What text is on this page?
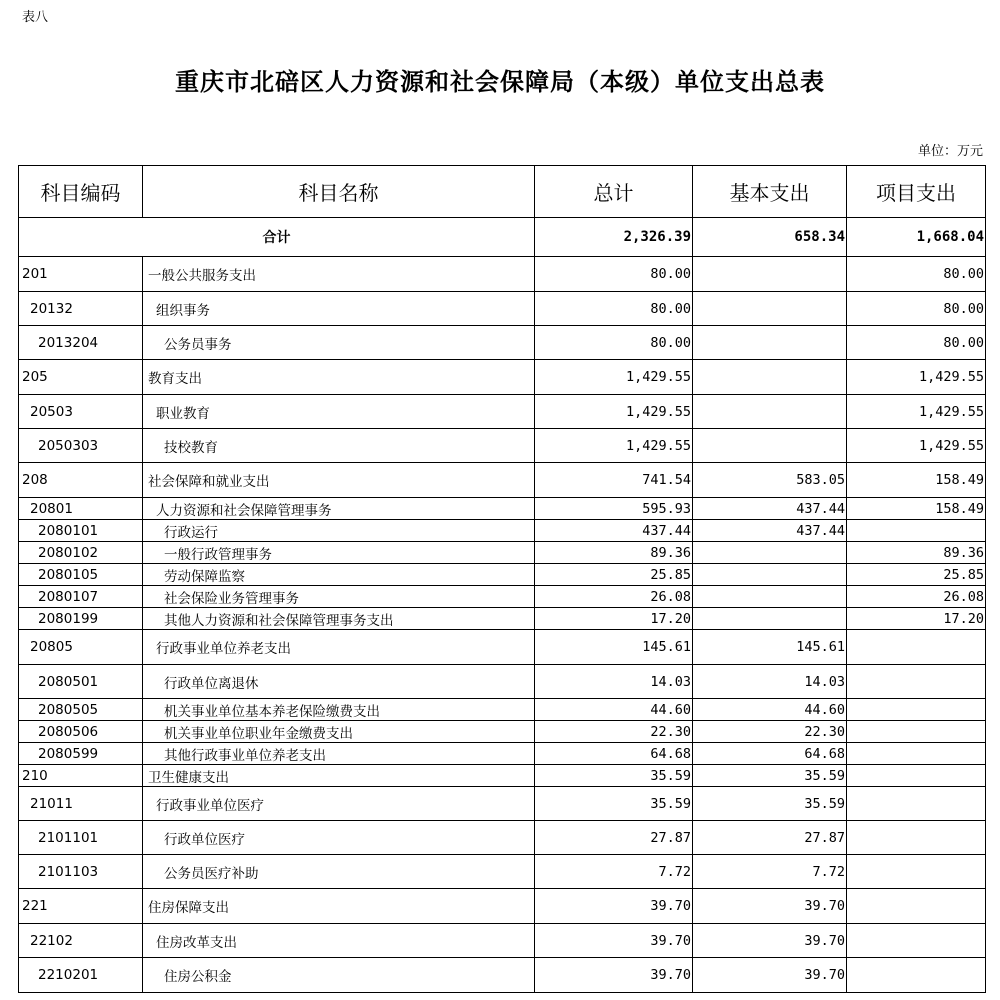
表八
重庆市北碚区人力资源和社会保障局（本级）单位支出总表
单位：万元
科目编码	科目名称	总计	基本支出	项目支出
合计		2,326.39	658.34	1,668.04
201	一般公共服务支出	80.00		80.00
20132	组织事务	80.00		80.00
2013204	公务员事务	80.00		80.00
205	教育支出	1,429.55		1,429.55
20503	职业教育	1,429.55		1,429.55
2050303	技校教育	1,429.55		1,429.55
208	社会保障和就业支出	741.54	583.05	158.49
20801	人力资源和社会保障管理事务	595.93	437.44	158.49
2080101	行政运行	437.44	437.44	
2080102	一般行政管理事务	89.36		89.36
2080105	劳动保障监察	25.85		25.85
2080107	社会保险业务管理事务	26.08		26.08
2080199	其他人力资源和社会保障管理事务支出	17.20		17.20
20805	行政事业单位养老支出	145.61	145.61	
2080501	行政单位离退休	14.03	14.03	
2080505	机关事业单位基本养老保险缴费支出	44.60	44.60	
2080506	机关事业单位职业年金缴费支出	22.30	22.30	
2080599	其他行政事业单位养老支出	64.68	64.68	
210	卫生健康支出	35.59	35.59	
21011	行政事业单位医疗	35.59	35.59	
2101101	行政单位医疗	27.87	27.87	
2101103	公务员医疗补助	7.72	7.72	
221	住房保障支出	39.70	39.70	
22102	住房改革支出	39.70	39.70	
2210201	住房公积金	39.70	39.70	
